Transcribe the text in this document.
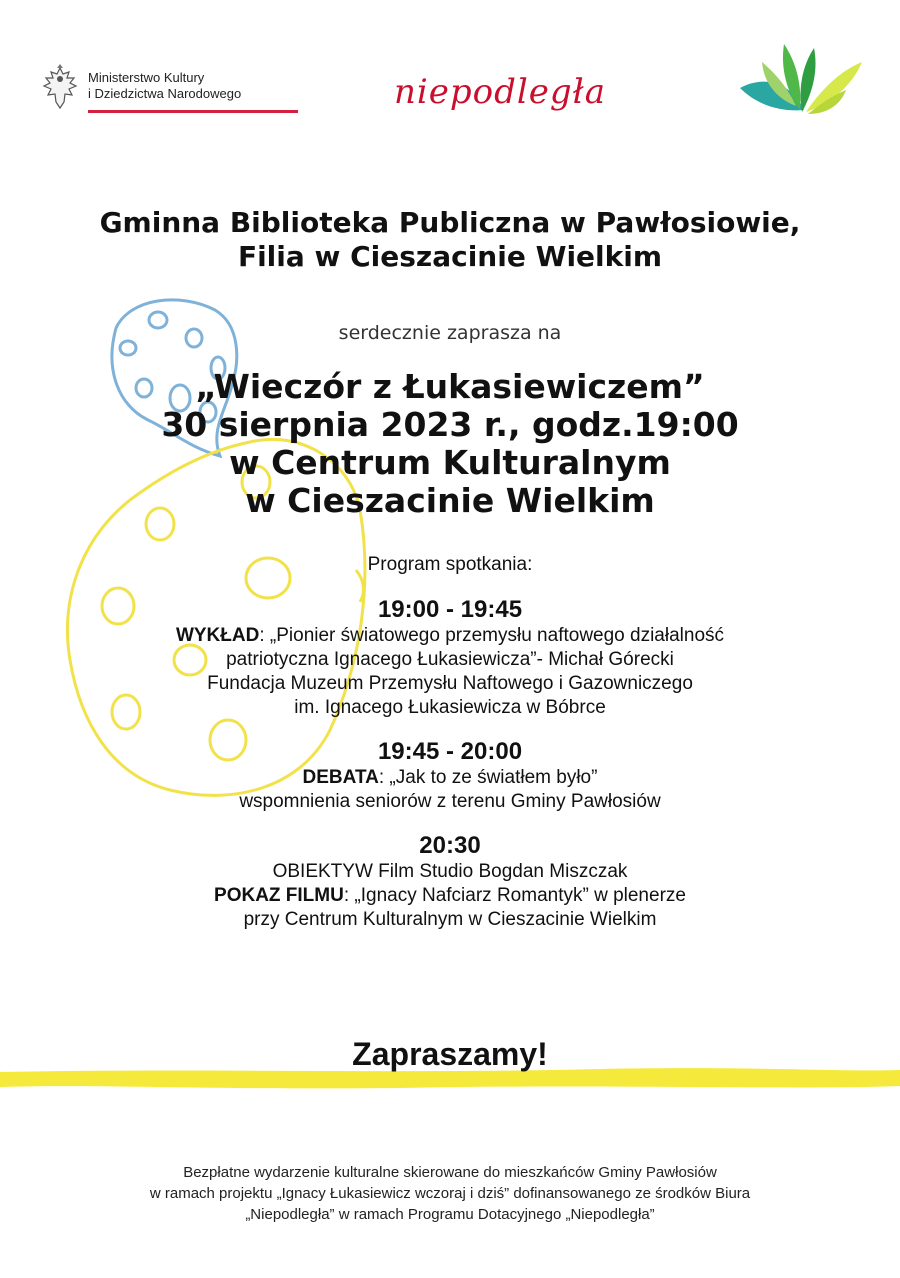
Ministerstwo Kultury
i Dziedzictwa Narodowego	niepodległa
Gminna Biblioteka Publiczna w Pawłosiowie,
Filia w Cieszacinie Wielkim
serdecznie zaprasza na
„Wieczór z Łukasiewiczem”
30 sierpnia 2023 r., godz.19:00
w Centrum Kulturalnym
w Cieszacinie Wielkim
Program spotkania:
19:00 - 19:45
WYKŁAD: „Pionier światowego przemysłu naftowego działalność
patriotyczna Ignacego Łukasiewicza”- Michał Górecki
Fundacja Muzeum Przemysłu Naftowego i Gazowniczego
im. Ignacego Łukasiewicza w Bóbrce
19:45 - 20:00
DEBATA: „Jak to ze światłem było”
wspomnienia seniorów z terenu Gminy Pawłosiów
20:30
OBIEKTYW Film Studio Bogdan Miszczak
POKAZ FILMU: „Ignacy Nafciarz Romantyk” w plenerze
przy Centrum Kulturalnym w Cieszacinie Wielkim
Zapraszamy!
Bezpłatne wydarzenie kulturalne skierowane do mieszkańców Gminy Pawłosiów
w ramach projektu „Ignacy Łukasiewicz wczoraj i dziś” dofinansowanego ze środków Biura
„Niepodległa” w ramach Programu Dotacyjnego „Niepodległa”
